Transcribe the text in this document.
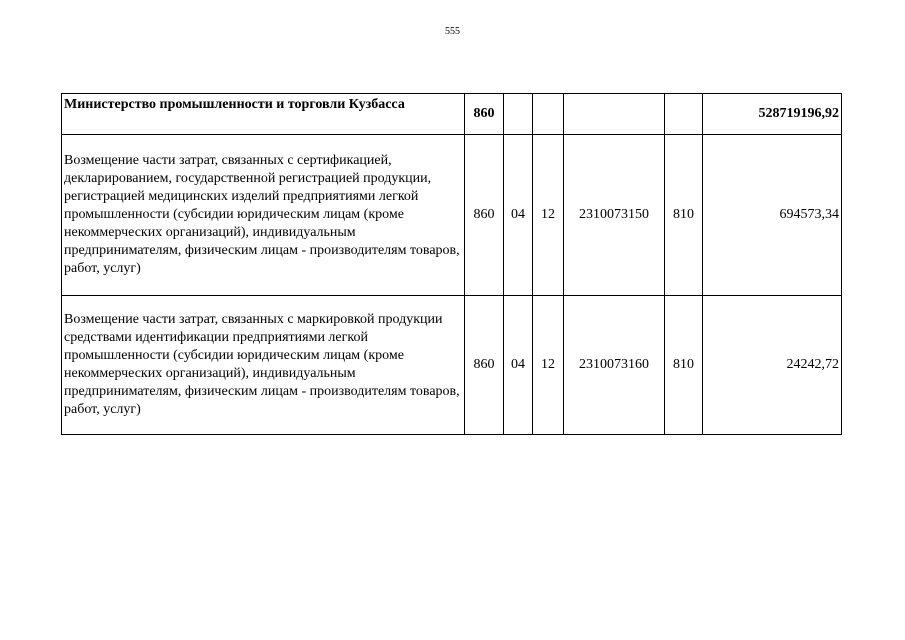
555
Министерство промышленности и торговли Кузбасса	860					528719196,92
Возмещение части затрат, связанных с сертификацией, декларированием, государственной регистрацией продукции, регистрацией медицинских изделий предприятиями легкой промышленности (субсидии юридическим лицам (кроме некоммерческих организаций), индивидуальным предпринимателям, физическим лицам - производителям товаров, работ, услуг)	860	04	12	2310073150	810	694573,34
Возмещение части затрат, связанных с маркировкой продукции средствами идентификации предприятиями легкой промышленности (субсидии юридическим лицам (кроме некоммерческих организаций), индивидуальным предпринимателям, физическим лицам - производителям товаров, работ, услуг)	860	04	12	2310073160	810	24242,72
